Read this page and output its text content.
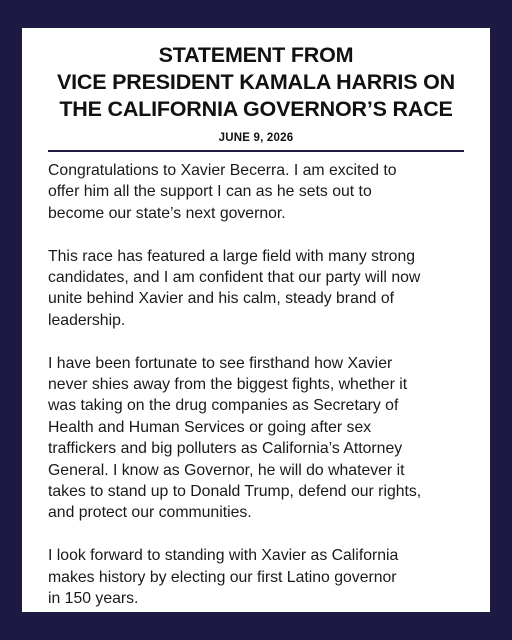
STATEMENT FROM
VICE PRESIDENT KAMALA HARRIS ON
THE CALIFORNIA GOVERNOR’S RACE
JUNE 9, 2026

Congratulations to Xavier Becerra. I am excited to
offer him all the support I can as he sets out to
become our state’s next governor.

This race has featured a large field with many strong
candidates, and I am confident that our party will now
unite behind Xavier and his calm, steady brand of
leadership.

I have been fortunate to see firsthand how Xavier
never shies away from the biggest fights, whether it
was taking on the drug companies as Secretary of
Health and Human Services or going after sex
traffickers and big polluters as California’s Attorney
General. I know as Governor, he will do whatever it
takes to stand up to Donald Trump, defend our rights,
and protect our communities.

I look forward to standing with Xavier as California
makes history by electing our first Latino governor
in 150 years.
